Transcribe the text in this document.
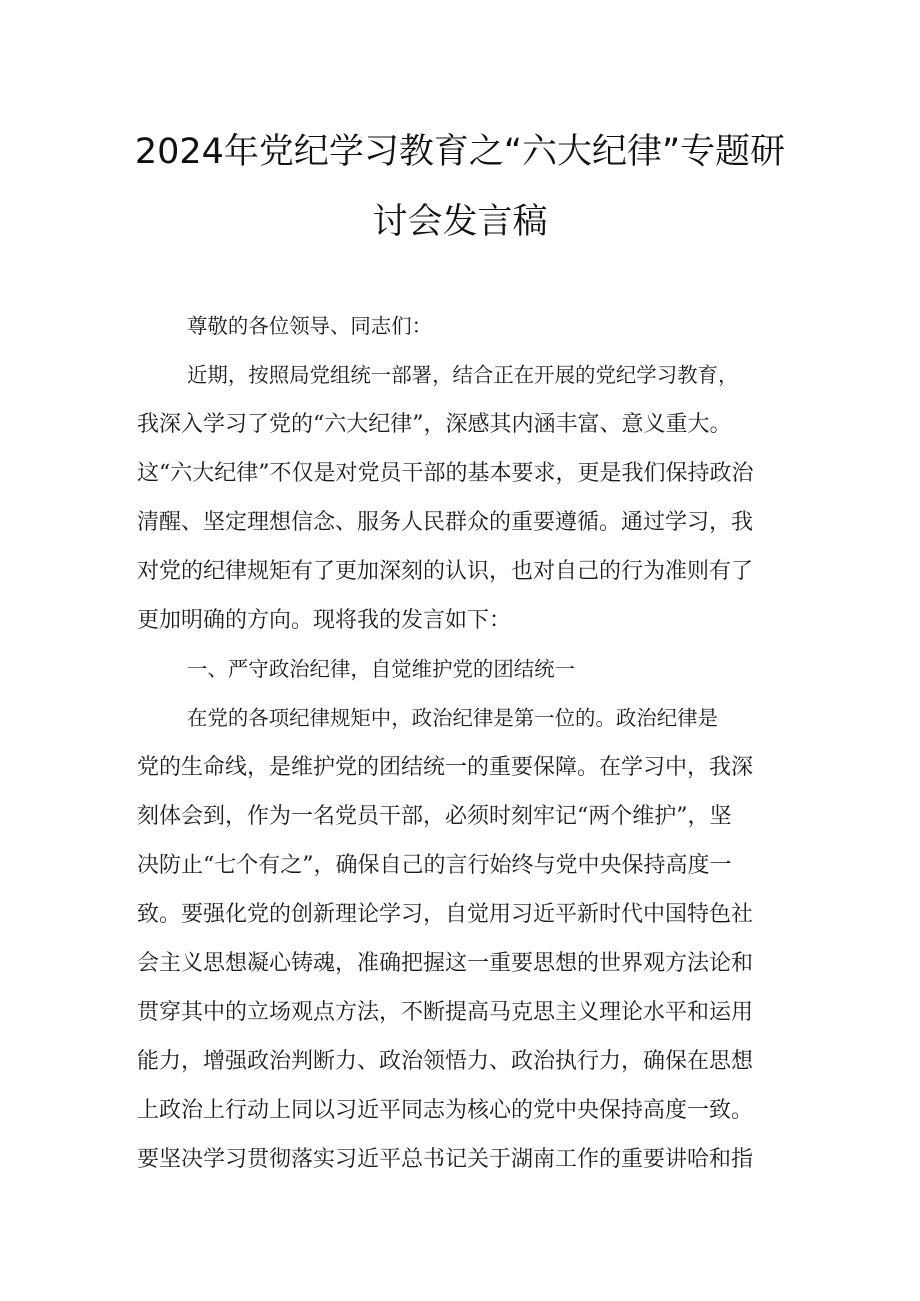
2024年党纪学习教育之“六大纪律”专题研
讨会发言稿
尊敬的各位领导、同志们：
近期，按照局党组统一部署，结合正在开展的党纪学习教育，
我深入学习了党的“六大纪律”，深感其内涵丰富、意义重大。
这“六大纪律”不仅是对党员干部的基本要求，更是我们保持政治
清醒、坚定理想信念、服务人民群众的重要遵循。通过学习，我
对党的纪律规矩有了更加深刻的认识，也对自己的行为准则有了
更加明确的方向。现将我的发言如下：
一、严守政治纪律，自觉维护党的团结统一
在党的各项纪律规矩中，政治纪律是第一位的。政治纪律是
党的生命线，是维护党的团结统一的重要保障。在学习中，我深
刻体会到，作为一名党员干部，必须时刻牢记“两个维护”，坚
决防止“七个有之”，确保自己的言行始终与党中央保持高度一
致。要强化党的创新理论学习，自觉用习近平新时代中国特色社
会主义思想凝心铸魂，准确把握这一重要思想的世界观方法论和
贯穿其中的立场观点方法，不断提高马克思主义理论水平和运用
能力，增强政治判断力、政治领悟力、政治执行力，确保在思想
上政治上行动上同以习近平同志为核心的党中央保持高度一致。
要坚决学习贯彻落实习近平总书记关于湖南工作的重要讲哈和指
